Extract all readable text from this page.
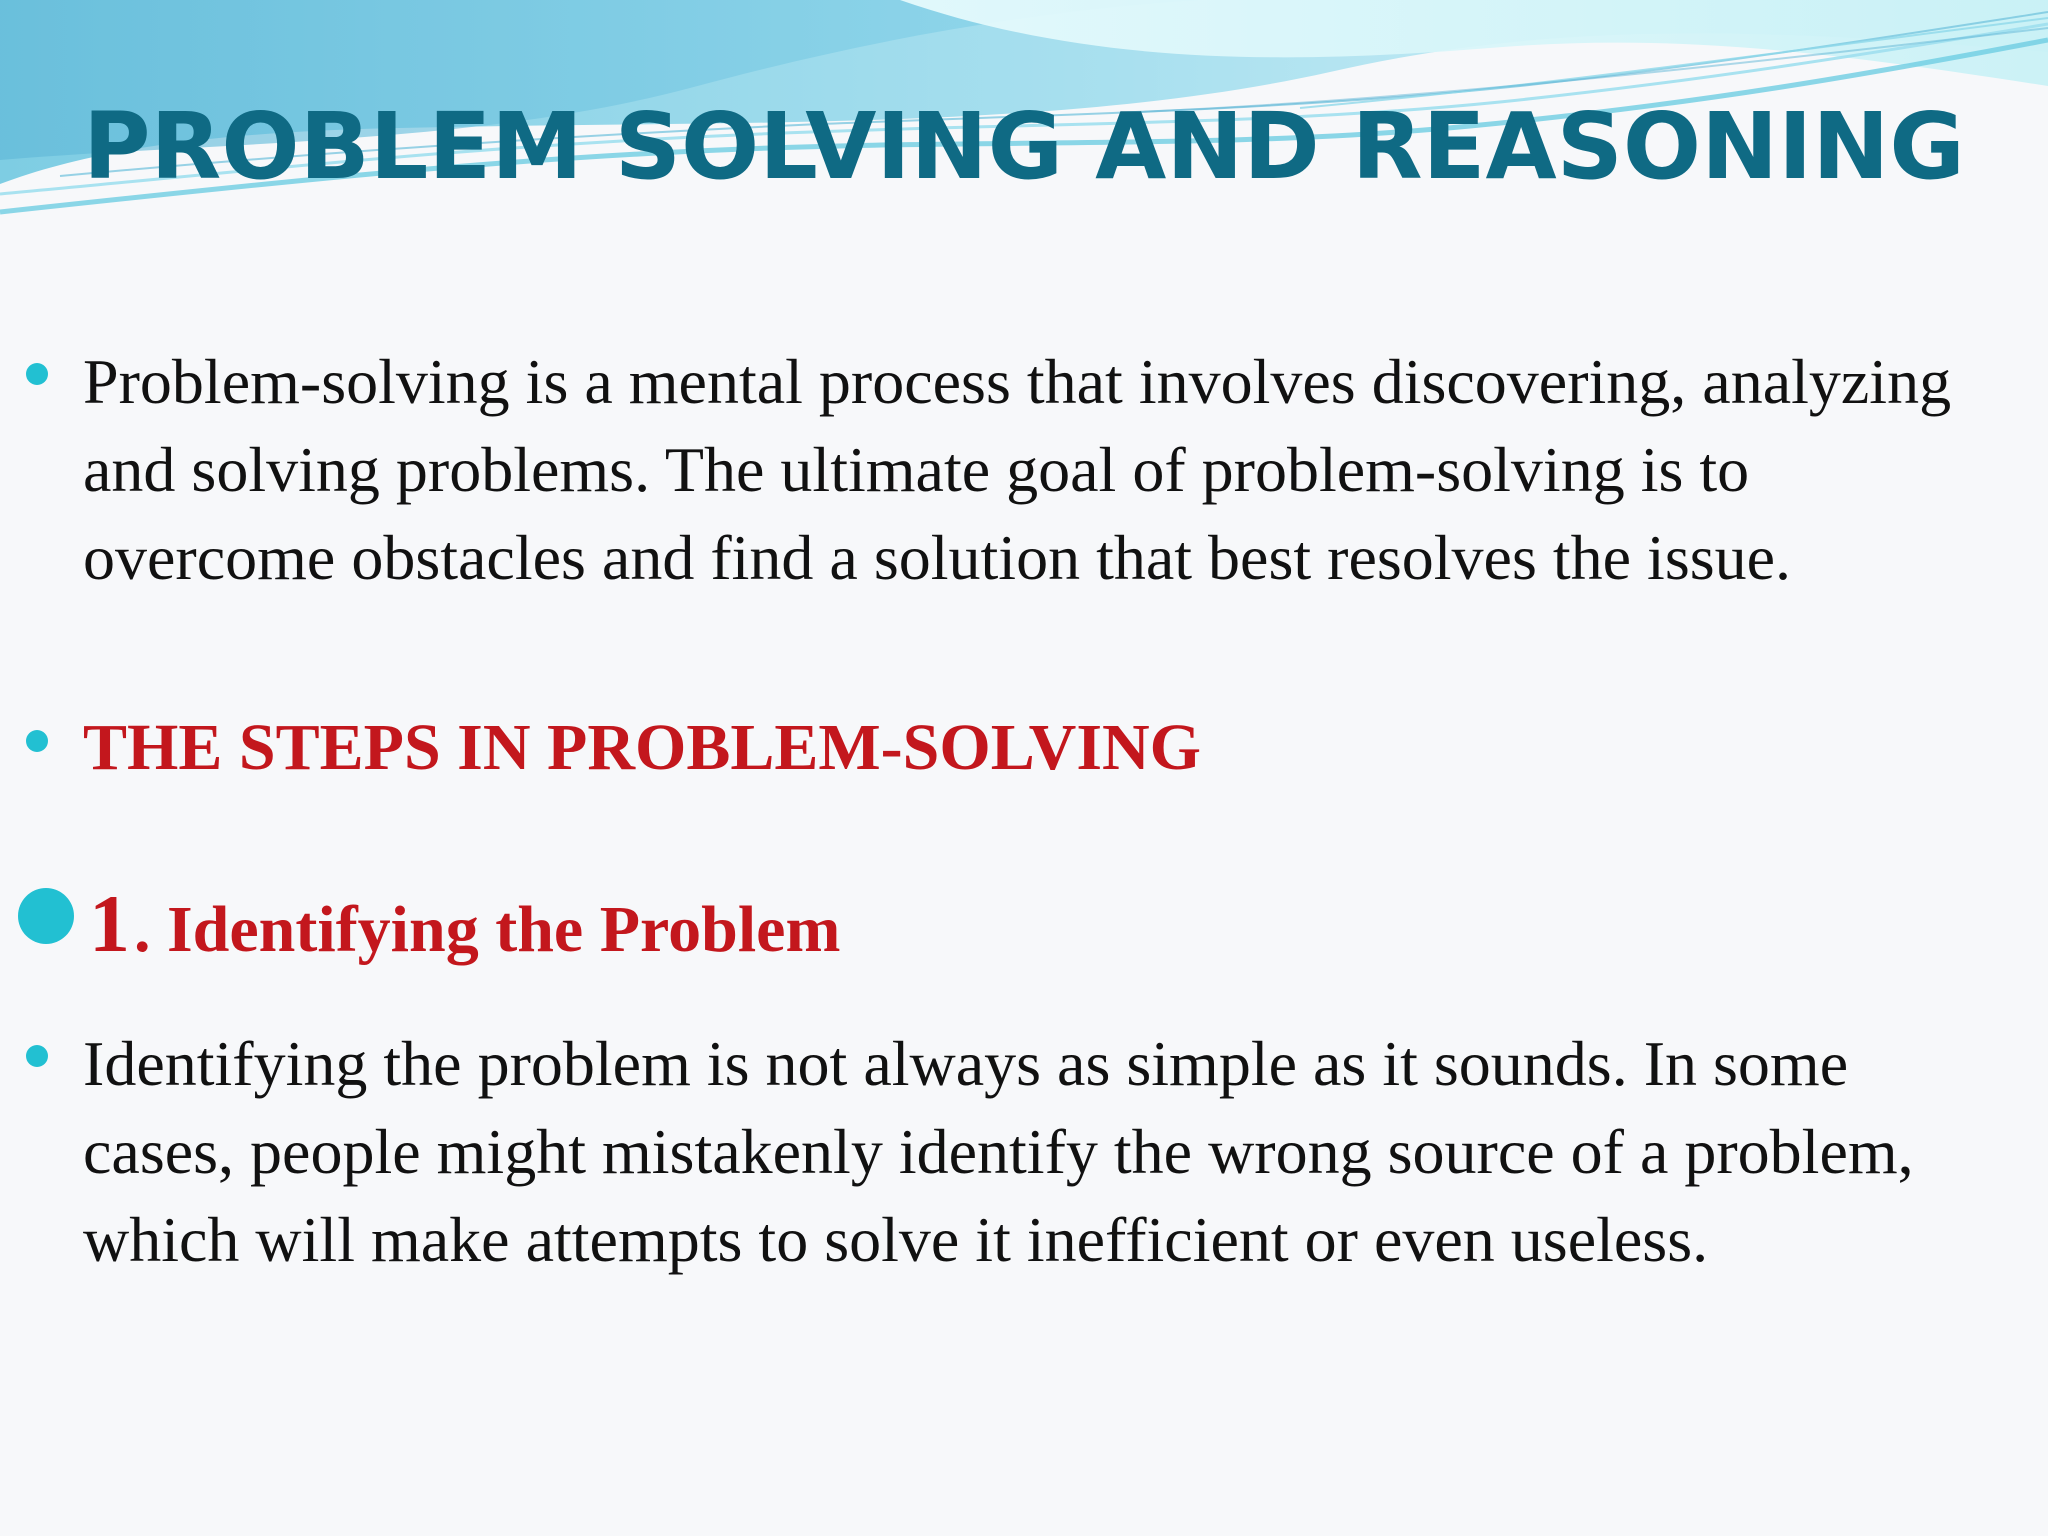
PROBLEM SOLVING AND REASONING

Problem-solving is a mental process that involves discovering, analyzing and solving problems. The ultimate goal of problem-solving is to overcome obstacles and find a solution that best resolves the issue.

THE STEPS IN PROBLEM-SOLVING

1. Identifying the Problem

Identifying the problem is not always as simple as it sounds. In some cases, people might mistakenly identify the wrong source of a problem, which will make attempts to solve it inefficient or even useless.
